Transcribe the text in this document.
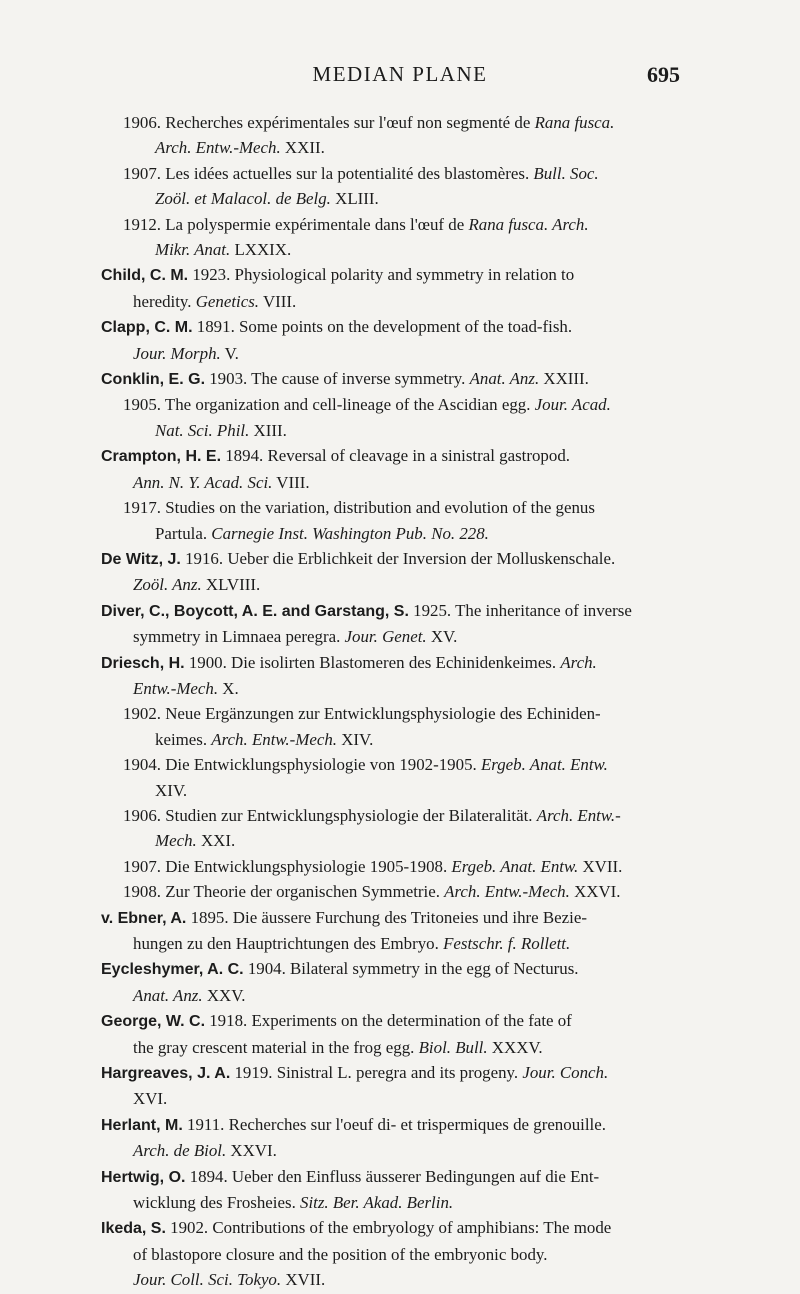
MEDIAN PLANE	695
1906. Recherches expérimentales sur l'œuf non segmenté de Rana fusca.
Arch. Entw.-Mech. XXII.
1907. Les idées actuelles sur la potentialité des blastomères. Bull. Soc.
Zoöl. et Malacol. de Belg. XLIII.
1912. La polyspermie expérimentale dans l'œuf de Rana fusca. Arch.
Mikr. Anat. LXXIX.
Child, C. M. 1923. Physiological polarity and symmetry in relation to
heredity. Genetics. VIII.
Clapp, C. M. 1891. Some points on the development of the toad-fish.
Jour. Morph. V.
Conklin, E. G. 1903. The cause of inverse symmetry. Anat. Anz. XXIII.
1905. The organization and cell-lineage of the Ascidian egg. Jour. Acad.
Nat. Sci. Phil. XIII.
Crampton, H. E. 1894. Reversal of cleavage in a sinistral gastropod.
Ann. N. Y. Acad. Sci. VIII.
1917. Studies on the variation, distribution and evolution of the genus
Partula. Carnegie Inst. Washington Pub. No. 228.
De Witz, J. 1916. Ueber die Erblichkeit der Inversion der Molluskenschale.
Zoöl. Anz. XLVIII.
Diver, C., Boycott, A. E. and Garstang, S. 1925. The inheritance of inverse
symmetry in Limnaea peregra. Jour. Genet. XV.
Driesch, H. 1900. Die isolirten Blastomeren des Echinidenkeimes. Arch.
Entw.-Mech. X.
1902. Neue Ergänzungen zur Entwicklungsphysiologie des Echiniden-
keimes. Arch. Entw.-Mech. XIV.
1904. Die Entwicklungsphysiologie von 1902-1905. Ergeb. Anat. Entw.
XIV.
1906. Studien zur Entwicklungsphysiologie der Bilateralität. Arch. Entw.-
Mech. XXI.
1907. Die Entwicklungsphysiologie 1905-1908. Ergeb. Anat. Entw. XVII.
1908. Zur Theorie der organischen Symmetrie. Arch. Entw.-Mech. XXVI.
v. Ebner, A. 1895. Die äussere Furchung des Tritoneies und ihre Bezie-
hungen zu den Hauptrichtungen des Embryo. Festschr. f. Rollett.
Eycleshymer, A. C. 1904. Bilateral symmetry in the egg of Necturus.
Anat. Anz. XXV.
George, W. C. 1918. Experiments on the determination of the fate of
the gray crescent material in the frog egg. Biol. Bull. XXXV.
Hargreaves, J. A. 1919. Sinistral L. peregra and its progeny. Jour. Conch.
XVI.
Herlant, M. 1911. Recherches sur l'oeuf di- et trispermiques de grenouille.
Arch. de Biol. XXVI.
Hertwig, O. 1894. Ueber den Einfluss äusserer Bedingungen auf die Ent-
wicklung des Frosheies. Sitz. Ber. Akad. Berlin.
Ikeda, S. 1902. Contributions of the embryology of amphibians: The mode
of blastopore closure and the position of the embryonic body.
Jour. Coll. Sci. Tokyo. XVII.
